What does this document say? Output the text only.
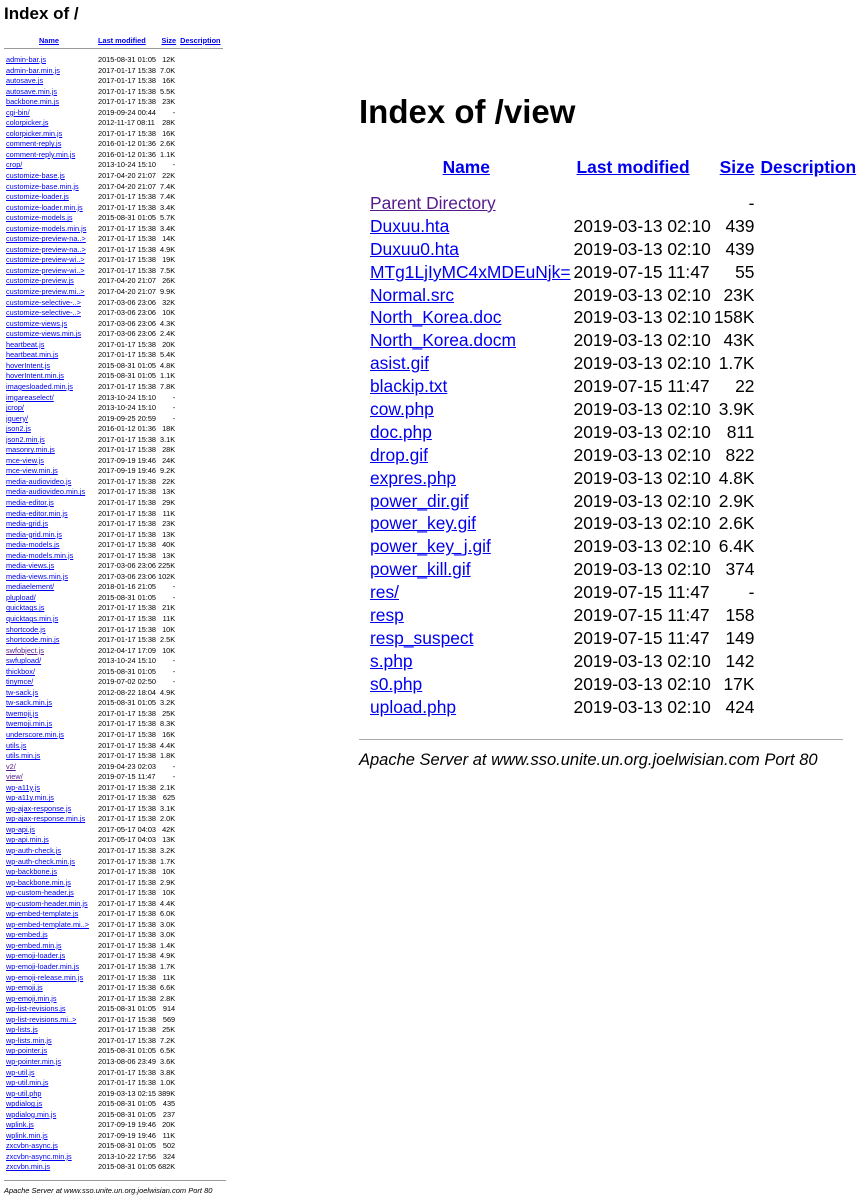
Index of /
Name	Last modified	Size	Description

admin-bar.js	2015-08-31 01:05	12K	
admin-bar.min.js	2017-01-17 15:38	7.0K	
autosave.js	2017-01-17 15:38	16K	
autosave.min.js	2017-01-17 15:38	5.5K	
backbone.min.js	2017-01-17 15:38	23K	
cgi-bin/	2019-09-24 00:44	-	
colorpicker.js	2012-11-17 08:11	28K	
colorpicker.min.js	2017-01-17 15:38	16K	
comment-reply.js	2016-01-12 01:36	2.6K	
comment-reply.min.js	2016-01-12 01:36	1.1K	
crop/	2013-10-24 15:10	-	
customize-base.js	2017-04-20 21:07	22K	
customize-base.min.js	2017-04-20 21:07	7.4K	
customize-loader.js	2017-01-17 15:38	7.4K	
customize-loader.min.js	2017-01-17 15:38	3.4K	
customize-models.js	2015-08-31 01:05	5.7K	
customize-models.min.js	2017-01-17 15:38	3.4K	
customize-preview-na..>	2017-01-17 15:38	14K	
customize-preview-na..>	2017-01-17 15:38	4.9K	
customize-preview-wi..>	2017-01-17 15:38	19K	
customize-preview-wi..>	2017-01-17 15:38	7.5K	
customize-preview.js	2017-04-20 21:07	26K	
customize-preview.mi..>	2017-04-20 21:07	9.9K	
customize-selective-..>	2017-03-06 23:06	32K	
customize-selective-..>	2017-03-06 23:06	10K	
customize-views.js	2017-03-06 23:06	4.3K	
customize-views.min.js	2017-03-06 23:06	2.4K	
heartbeat.js	2017-01-17 15:38	20K	
heartbeat.min.js	2017-01-17 15:38	5.4K	
hoverIntent.js	2015-08-31 01:05	4.8K	
hoverIntent.min.js	2015-08-31 01:05	1.1K	
imagesloaded.min.js	2017-01-17 15:38	7.8K	
imgareaselect/	2013-10-24 15:10	-	
jcrop/	2013-10-24 15:10	-	
jquery/	2019-09-25 20:59	-	
json2.js	2016-01-12 01:36	18K	
json2.min.js	2017-01-17 15:38	3.1K	
masonry.min.js	2017-01-17 15:38	28K	
mce-view.js	2017-09-19 19:46	24K	
mce-view.min.js	2017-09-19 19:46	9.2K	
media-audiovideo.js	2017-01-17 15:38	22K	
media-audiovideo.min.js	2017-01-17 15:38	13K	
media-editor.js	2017-01-17 15:38	29K	
media-editor.min.js	2017-01-17 15:38	11K	
media-grid.js	2017-01-17 15:38	23K	
media-grid.min.js	2017-01-17 15:38	13K	
media-models.js	2017-01-17 15:38	40K	
media-models.min.js	2017-01-17 15:38	13K	
media-views.js	2017-03-06 23:06	225K	
media-views.min.js	2017-03-06 23:06	102K	
mediaelement/	2018-01-16 21:05	-	
plupload/	2015-08-31 01:05	-	
quicktags.js	2017-01-17 15:38	21K	
quicktags.min.js	2017-01-17 15:38	11K	
shortcode.js	2017-01-17 15:38	10K	
shortcode.min.js	2017-01-17 15:38	2.5K	
swfobject.js	2012-04-17 17:09	10K	
swfupload/	2013-10-24 15:10	-	
thickbox/	2015-08-31 01:05	-	
tinymce/	2019-07-02 02:50	-	
tw-sack.js	2012-08-22 18:04	4.9K	
tw-sack.min.js	2015-08-31 01:05	3.2K	
twemoji.js	2017-01-17 15:38	25K	
twemoji.min.js	2017-01-17 15:38	8.3K	
underscore.min.js	2017-01-17 15:38	16K	
utils.js	2017-01-17 15:38	4.4K	
utils.min.js	2017-01-17 15:38	1.8K	
v2/	2019-04-23 02:03	-	
view/	2019-07-15 11:47	-	
wp-a11y.js	2017-01-17 15:38	2.1K	
wp-a11y.min.js	2017-01-17 15:38	625	
wp-ajax-response.js	2017-01-17 15:38	3.1K	
wp-ajax-response.min.js	2017-01-17 15:38	2.0K	
wp-api.js	2017-05-17 04:03	42K	
wp-api.min.js	2017-05-17 04:03	13K	
wp-auth-check.js	2017-01-17 15:38	3.2K	
wp-auth-check.min.js	2017-01-17 15:38	1.7K	
wp-backbone.js	2017-01-17 15:38	10K	
wp-backbone.min.js	2017-01-17 15:38	2.9K	
wp-custom-header.js	2017-01-17 15:38	10K	
wp-custom-header.min.js	2017-01-17 15:38	4.4K	
wp-embed-template.js	2017-01-17 15:38	6.0K	
wp-embed-template.mi..>	2017-01-17 15:38	3.0K	
wp-embed.js	2017-01-17 15:38	3.0K	
wp-embed.min.js	2017-01-17 15:38	1.4K	
wp-emoji-loader.js	2017-01-17 15:38	4.9K	
wp-emoji-loader.min.js	2017-01-17 15:38	1.7K	
wp-emoji-release.min.js	2017-01-17 15:38	11K	
wp-emoji.js	2017-01-17 15:38	6.6K	
wp-emoji.min.js	2017-01-17 15:38	2.8K	
wp-list-revisions.js	2015-08-31 01:05	914	
wp-list-revisions.mi..>	2017-01-17 15:38	569	
wp-lists.js	2017-01-17 15:38	25K	
wp-lists.min.js	2017-01-17 15:38	7.2K	
wp-pointer.js	2015-08-31 01:05	6.5K	
wp-pointer.min.js	2013-08-06 23:49	3.6K	
wp-util.js	2017-01-17 15:38	3.8K	
wp-util.min.js	2017-01-17 15:38	1.0K	
wp-util.php	2019-03-13 02:15	389K	
wpdialog.js	2015-08-31 01:05	435	
wpdialog.min.js	2015-08-31 01:05	237	
wplink.js	2017-09-19 19:46	20K	
wplink.min.js	2017-09-19 19:46	11K	
zxcvbn-async.js	2015-08-31 01:05	502	
zxcvbn-async.min.js	2013-10-22 17:56	324	
zxcvbn.min.js	2015-08-31 01:05	682K	
Apache Server at www.sso.unite.un.org.joelwisian.com Port 80
Index of /view
Name	Last modified	Size	Description

Parent Directory		-	
Duxuu.hta	2019-03-13 02:10	439	
Duxuu0.hta	2019-03-13 02:10	439	
MTg1LjIyMC4xMDEuNjk=	2019-07-15 11:47	55	
Normal.src	2019-03-13 02:10	23K	
North_Korea.doc	2019-03-13 02:10	158K	
North_Korea.docm	2019-03-13 02:10	43K	
asist.gif	2019-03-13 02:10	1.7K	
blackip.txt	2019-07-15 11:47	22	
cow.php	2019-03-13 02:10	3.9K	
doc.php	2019-03-13 02:10	811	
drop.gif	2019-03-13 02:10	822	
expres.php	2019-03-13 02:10	4.8K	
power_dir.gif	2019-03-13 02:10	2.9K	
power_key.gif	2019-03-13 02:10	2.6K	
power_key_j.gif	2019-03-13 02:10	6.4K	
power_kill.gif	2019-03-13 02:10	374	
res/	2019-07-15 11:47	-	
resp	2019-07-15 11:47	158	
resp_suspect	2019-07-15 11:47	149	
s.php	2019-03-13 02:10	142	
s0.php	2019-03-13 02:10	17K	
upload.php	2019-03-13 02:10	424	
Apache Server at www.sso.unite.un.org.joelwisian.com Port 80
